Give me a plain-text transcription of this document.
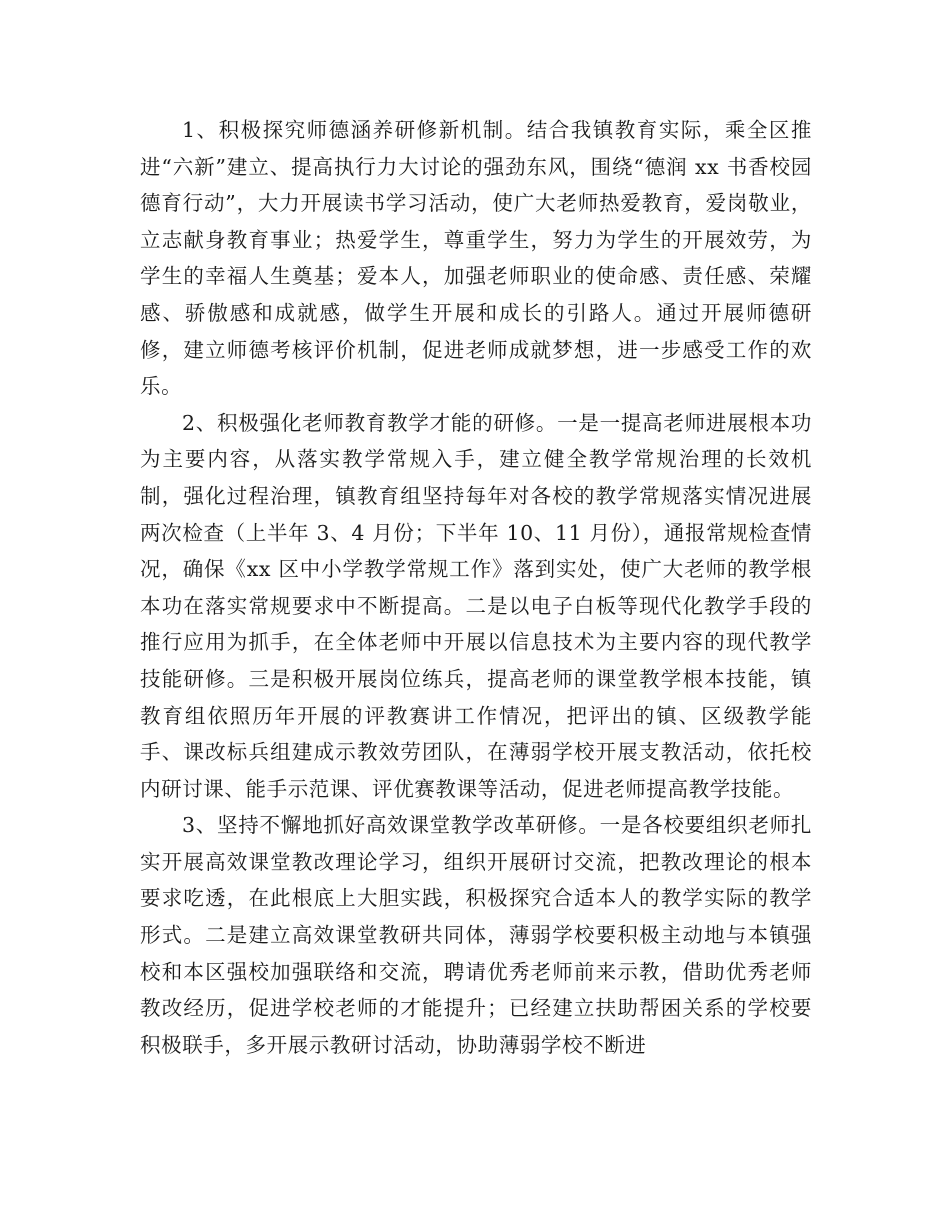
1、积极探究师德涵养研修新机制。结合我镇教育实际，乘全区推进“六新”建立、提高执行力大讨论的强劲东风，围绕“德润 xx 书香校园德育行动”，大力开展读书学习活动，使广大老师热爱教育，爱岗敬业，立志献身教育事业；热爱学生，尊重学生，努力为学生的开展效劳，为学生的幸福人生奠基；爱本人，加强老师职业的使命感、责任感、荣耀感、骄傲感和成就感，做学生开展和成长的引路人。通过开展师德研修，建立师德考核评价机制，促进老师成就梦想，进一步感受工作的欢乐。

2、积极强化老师教育教学才能的研修。一是一提高老师进展根本功为主要内容，从落实教学常规入手，建立健全教学常规治理的长效机制，强化过程治理，镇教育组坚持每年对各校的教学常规落实情况进展两次检查（上半年 3、4 月份；下半年 10、11 月份），通报常规检查情况，确保《xx 区中小学教学常规工作》落到实处，使广大老师的教学根本功在落实常规要求中不断提高。二是以电子白板等现代化教学手段的推行应用为抓手，在全体老师中开展以信息技术为主要内容的现代教学技能研修。三是积极开展岗位练兵，提高老师的课堂教学根本技能，镇教育组依照历年开展的评教赛讲工作情况，把评出的镇、区级教学能手、课改标兵组建成示教效劳团队，在薄弱学校开展支教活动，依托校内研讨课、能手示范课、评优赛教课等活动，促进老师提高教学技能。

3、坚持不懈地抓好高效课堂教学改革研修。一是各校要组织老师扎实开展高效课堂教改理论学习，组织开展研讨交流，把教改理论的根本要求吃透，在此根底上大胆实践，积极探究合适本人的教学实际的教学形式。二是建立高效课堂教研共同体，薄弱学校要积极主动地与本镇强校和本区强校加强联络和交流，聘请优秀老师前来示教，借助优秀老师教改经历，促进学校老师的才能提升；已经建立扶助帮困关系的学校要积极联手，多开展示教研讨活动，协助薄弱学校不断进
